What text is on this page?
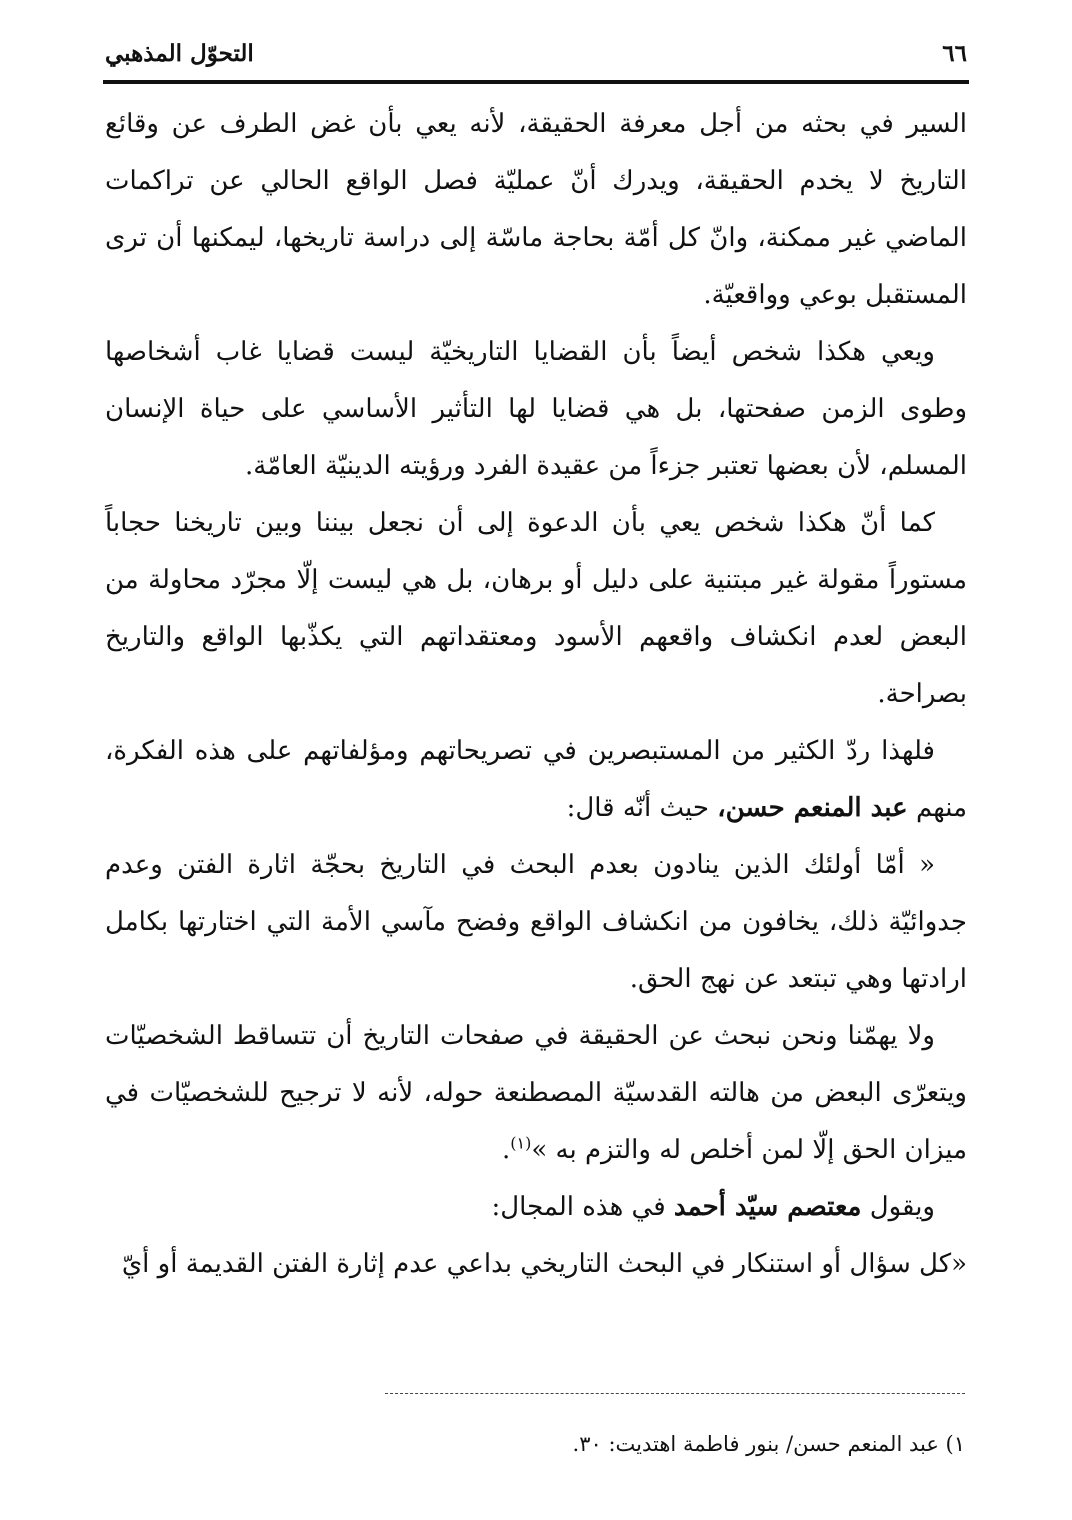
٦٦
التحوّل المذهبي

السير في بحثه من أجل معرفة الحقيقة، لأنه يعي بأن غض الطرف عن وقائع التاريخ لا يخدم الحقيقة، ويدرك أنّ عمليّة فصل الواقع الحالي عن تراكمات الماضي غير ممكنة، وانّ كل أمّة بحاجة ماسّة إلى دراسة تاريخها، ليمكنها أن ترى المستقبل بوعي وواقعيّة.

ويعي هكذا شخص أيضاً بأن القضايا التاريخيّة ليست قضايا غاب أشخاصها وطوى الزمن صفحتها، بل هي قضايا لها التأثير الأساسي على حياة الإنسان المسلم، لأن بعضها تعتبر جزءاً من عقيدة الفرد ورؤيته الدينيّة العامّة.

كما أنّ هكذا شخص يعي بأن الدعوة إلى أن نجعل بيننا وبين تاريخنا حجاباً مستوراً مقولة غير مبتنية على دليل أو برهان، بل هي ليست إلّا مجرّد محاولة من البعض لعدم انكشاف واقعهم الأسود ومعتقداتهم التي يكذّبها الواقع والتاريخ بصراحة.

فلهذا ردّ الكثير من المستبصرين في تصريحاتهم ومؤلفاتهم على هذه الفكرة، منهم عبد المنعم حسن، حيث أنّه قال:

« أمّا أولئك الذين ينادون بعدم البحث في التاريخ بحجّة اثارة الفتن وعدم جدوائيّة ذلك، يخافون من انكشاف الواقع وفضح مآسي الأمة التي اختارتها بكامل ارادتها وهي تبتعد عن نهج الحق.

ولا يهمّنا ونحن نبحث عن الحقيقة في صفحات التاريخ أن تتساقط الشخصيّات ويتعرّى البعض من هالته القدسيّة المصطنعة حوله، لأنه لا ترجيح للشخصيّات في ميزان الحق إلّا لمن أخلص له والتزم به »$^{(١)}$.

ويقول معتصم سيّد أحمد في هذه المجال:

«كل سؤال أو استنكار في البحث التاريخي بداعي عدم إثارة الفتن القديمة أو أيّ

١) عبد المنعم حسن/ بنور فاطمة اهتديت: ٣٠.
